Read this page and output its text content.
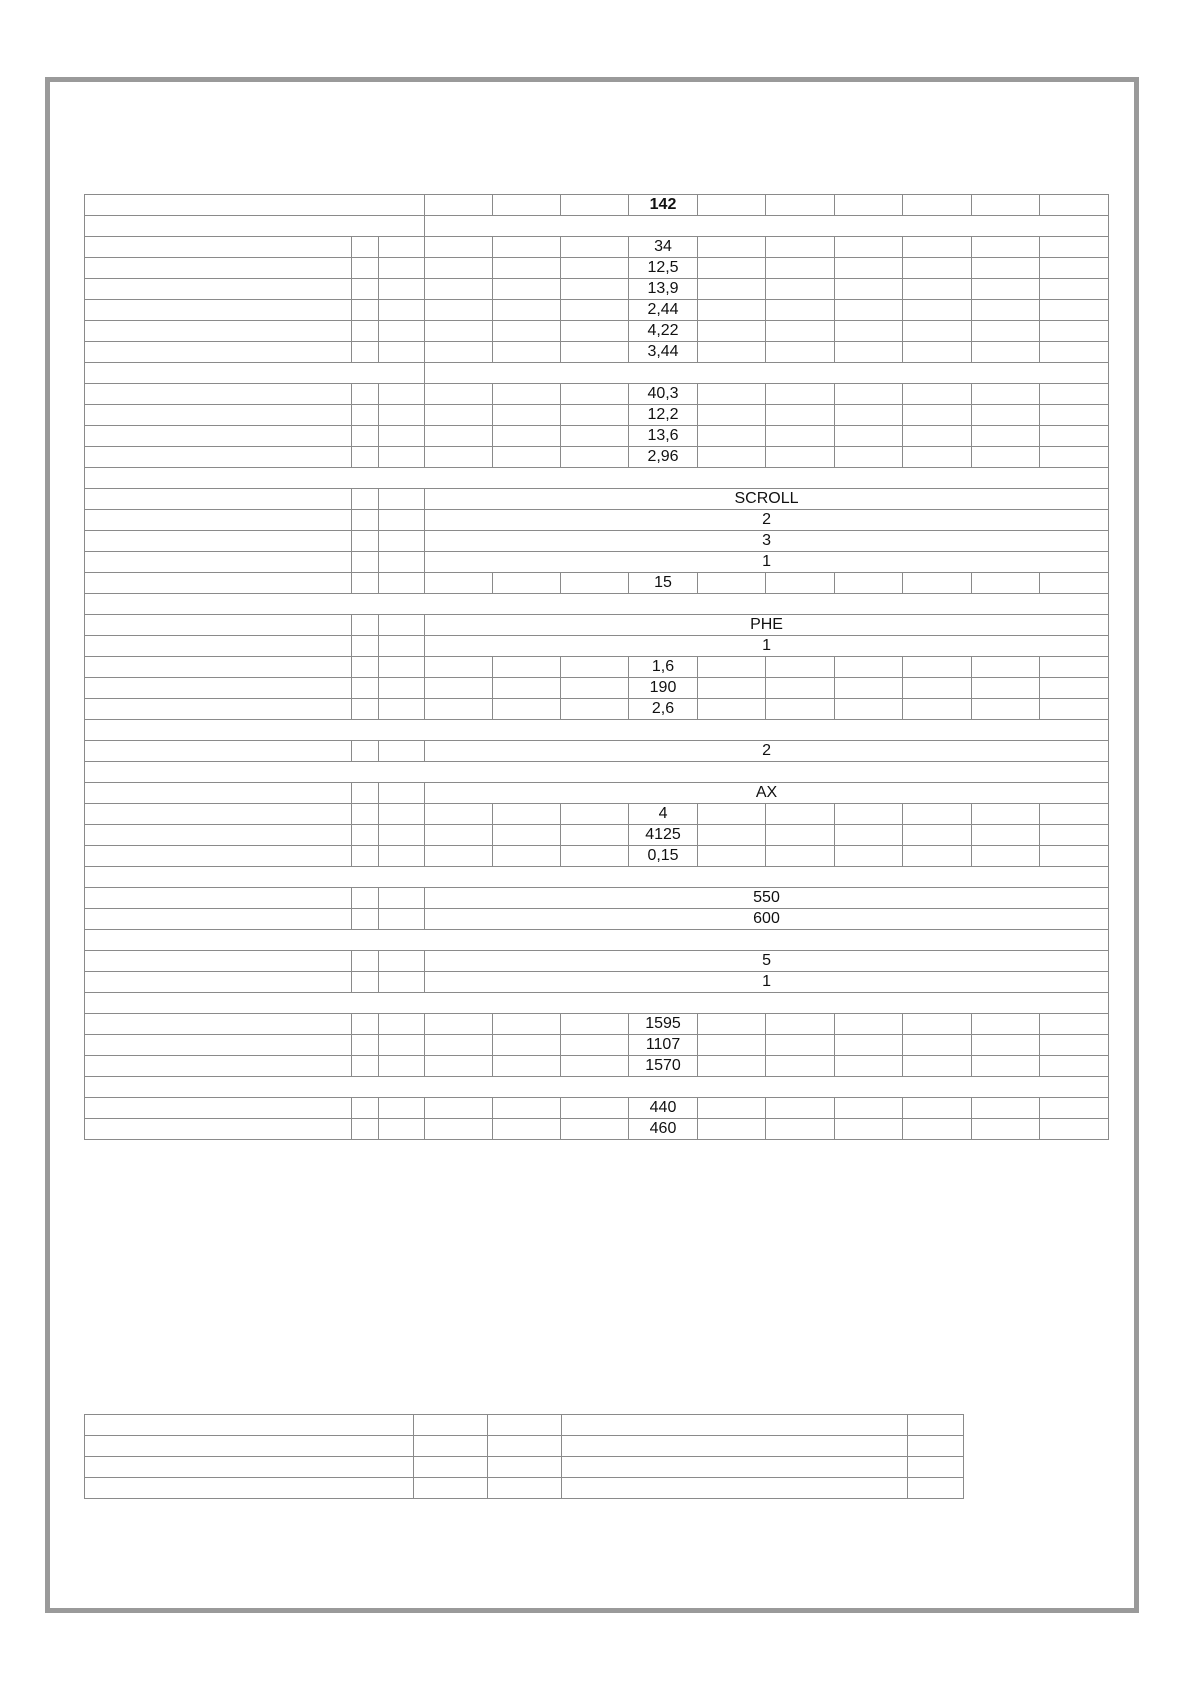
						142						

						34						
						12,5						
						13,9						
						2,44						
						4,22						
						3,44						

						40,3						
						12,2						
						13,6						
						2,96						

			SCROLL									
			2									
			3									
			1									
						15						

			PHE									
			1									
						1,6						
						190						
						2,6						

			2									

			AX									
						4						
						4125						
						0,15						

			550									
			600									

			5									
			1									

						1595						
						1107						
						1570						

						440						
						460						
